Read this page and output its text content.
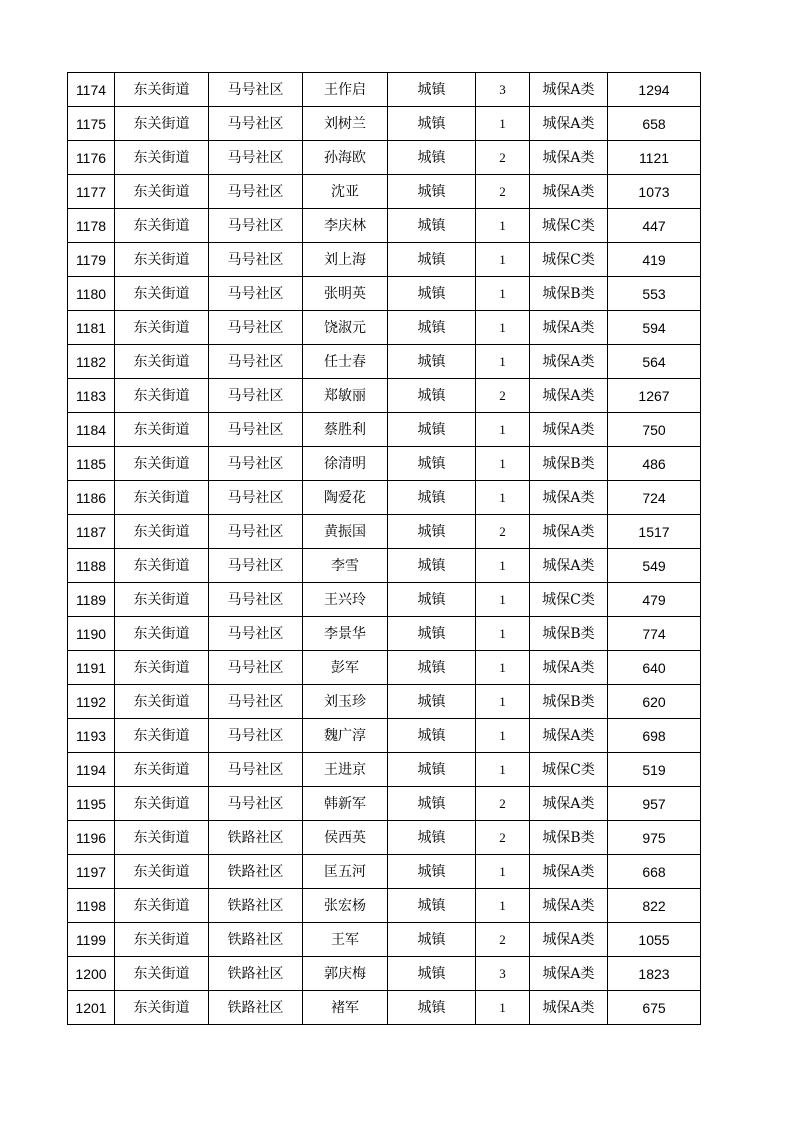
1174	东关街道	马号社区	王作启	城镇	3	城保A类	1294
1175	东关街道	马号社区	刘树兰	城镇	1	城保A类	658
1176	东关街道	马号社区	孙海欧	城镇	2	城保A类	1121
1177	东关街道	马号社区	沈亚	城镇	2	城保A类	1073
1178	东关街道	马号社区	李庆林	城镇	1	城保C类	447
1179	东关街道	马号社区	刘上海	城镇	1	城保C类	419
1180	东关街道	马号社区	张明英	城镇	1	城保B类	553
1181	东关街道	马号社区	饶淑元	城镇	1	城保A类	594
1182	东关街道	马号社区	任士春	城镇	1	城保A类	564
1183	东关街道	马号社区	郑敏丽	城镇	2	城保A类	1267
1184	东关街道	马号社区	蔡胜利	城镇	1	城保A类	750
1185	东关街道	马号社区	徐清明	城镇	1	城保B类	486
1186	东关街道	马号社区	陶爱花	城镇	1	城保A类	724
1187	东关街道	马号社区	黄振国	城镇	2	城保A类	1517
1188	东关街道	马号社区	李雪	城镇	1	城保A类	549
1189	东关街道	马号社区	王兴玲	城镇	1	城保C类	479
1190	东关街道	马号社区	李景华	城镇	1	城保B类	774
1191	东关街道	马号社区	彭军	城镇	1	城保A类	640
1192	东关街道	马号社区	刘玉珍	城镇	1	城保B类	620
1193	东关街道	马号社区	魏广淳	城镇	1	城保A类	698
1194	东关街道	马号社区	王进京	城镇	1	城保C类	519
1195	东关街道	马号社区	韩新军	城镇	2	城保A类	957
1196	东关街道	铁路社区	侯西英	城镇	2	城保B类	975
1197	东关街道	铁路社区	匡五河	城镇	1	城保A类	668
1198	东关街道	铁路社区	张宏杨	城镇	1	城保A类	822
1199	东关街道	铁路社区	王军	城镇	2	城保A类	1055
1200	东关街道	铁路社区	郭庆梅	城镇	3	城保A类	1823
1201	东关街道	铁路社区	褚军	城镇	1	城保A类	675
